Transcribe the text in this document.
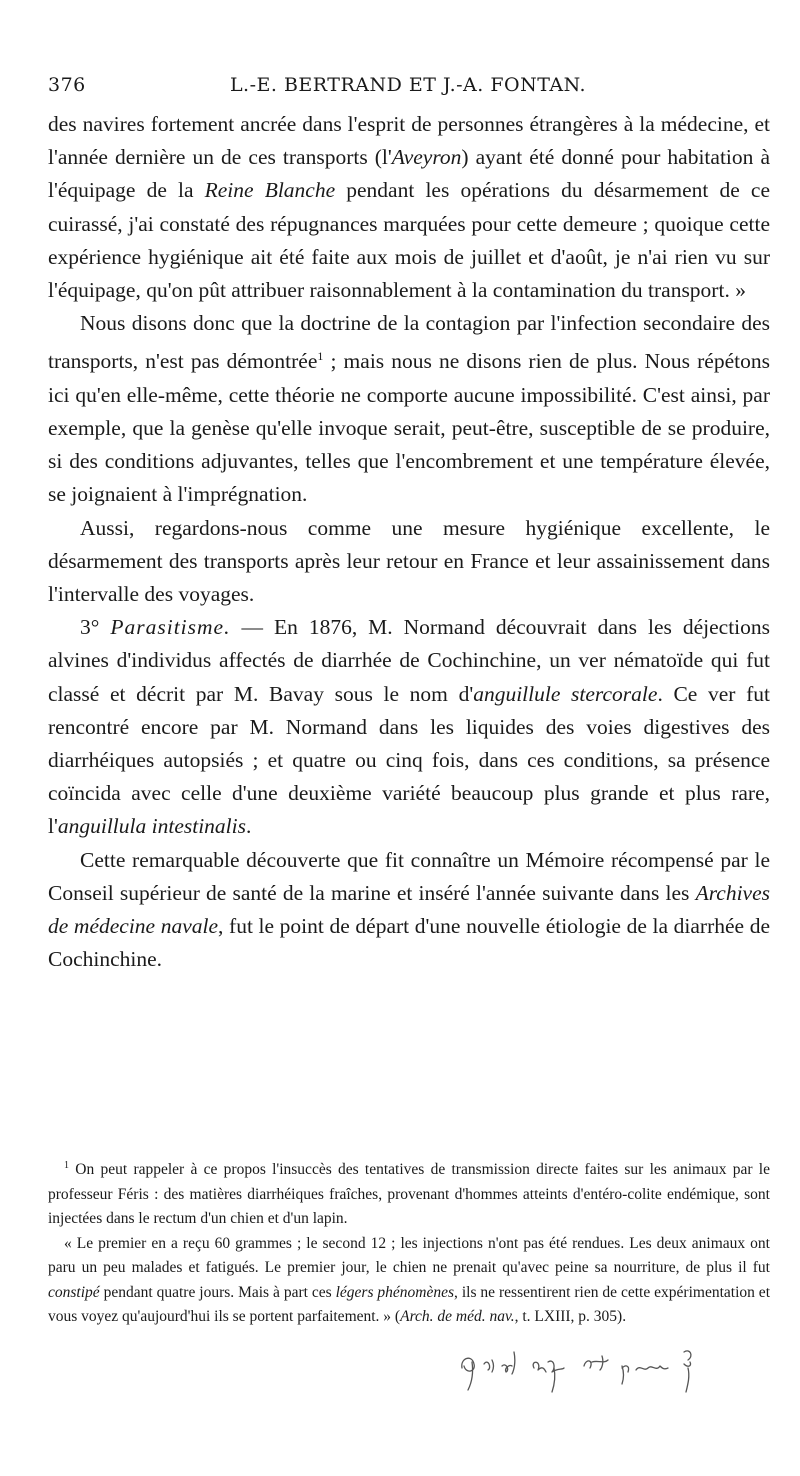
376	L.-E. BERTRAND ET J.-A. FONTAN.

des navires fortement ancrée dans l'esprit de personnes étrangères à la médecine, et l'année dernière un de ces transports (l'Aveyron) ayant été donné pour habitation à l'équipage de la Reine Blanche pendant les opérations du désarmement de ce cuirassé, j'ai constaté des répugnances marquées pour cette demeure ; quoique cette expérience hygiénique ait été faite aux mois de juillet et d'août, je n'ai rien vu sur l'équipage, qu'on pût attribuer raisonnablement à la contamination du transport. »

Nous disons donc que la doctrine de la contagion par l'infection secondaire des transports, n'est pas démontrée$^1$ ; mais nous ne disons rien de plus. Nous répétons ici qu'en elle-même, cette théorie ne comporte aucune impossibilité. C'est ainsi, par exemple, que la genèse qu'elle invoque serait, peut-être, susceptible de se produire, si des conditions adjuvantes, telles que l'encombrement et une température élevée, se joignaient à l'imprégnation.

Aussi, regardons-nous comme une mesure hygiénique excellente, le désarmement des transports après leur retour en France et leur assainissement dans l'intervalle des voyages.

3° Parasitisme. — En 1876, M. Normand découvrait dans les déjections alvines d'individus affectés de diarrhée de Cochinchine, un ver nématoïde qui fut classé et décrit par M. Bavay sous le nom d'anguillule stercorale. Ce ver fut rencontré encore par M. Normand dans les liquides des voies digestives des diarrhéiques autopsiés ; et quatre ou cinq fois, dans ces conditions, sa présence coïncida avec celle d'une deuxième variété beaucoup plus grande et plus rare, l'anguillula intestinalis.

Cette remarquable découverte que fit connaître un Mémoire récompensé par le Conseil supérieur de santé de la marine et inséré l'année suivante dans les Archives de médecine navale, fut le point de départ d'une nouvelle étiologie de la diarrhée de Cochinchine.

$^1$ On peut rappeler à ce propos l'insuccès des tentatives de transmission directe faites sur les animaux par le professeur Féris : des matières diarrhéiques fraîches, provenant d'hommes atteints d'entéro-colite endémique, sont injectées dans le rectum d'un chien et d'un lapin.

« Le premier en a reçu 60 grammes ; le second 12 ; les injections n'ont pas été rendues. Les deux animaux ont paru un peu malades et fatigués. Le premier jour, le chien ne prenait qu'avec peine sa nourriture, de plus il fut constipé pendant quatre jours. Mais à part ces légers phénomènes, ils ne ressentirent rien de cette expérimentation et vous voyez qu'aujourd'hui ils se portent parfaitement. » (Arch. de méd. nav., t. LXIII, p. 305).
